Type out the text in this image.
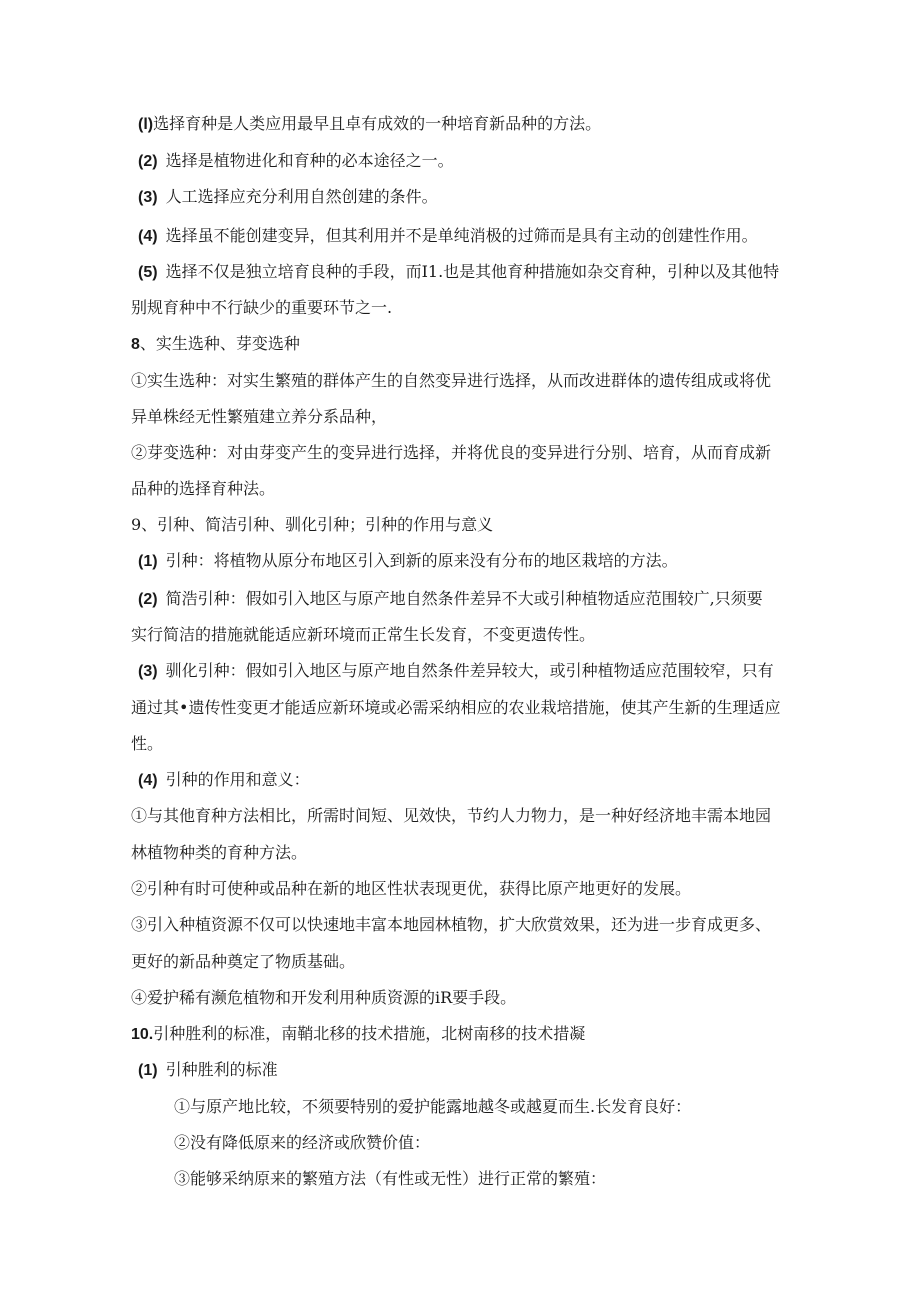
(l)选择育种是人类应用最早且卓有成效的一种培育新品种的方法。
(2) 选择是植物进化和育种的必本途径之一。
(3) 人工选择应充分利用自然创建的条件。
(4) 选择虽不能创建变异，但其利用并不是单纯消极的过筛而是具有主动的创建性作用。
(5) 选择不仅是独立培育良种的手段，而I1.也是其他育种措施如杂交育种，引种以及其他特
别规育种中不行缺少的重要环节之一.
8、实生选种、芽变选种
①实生选种：对实生繁殖的群体产生的自然变异进行选择，从而改进群体的遗传组成或将优
异单株经无性繁殖建立养分系品种，
②芽变选种：对由芽变产生的变异进行选择，并将优良的变异进行分别、培育，从而育成新
品种的选择育种法。
9、引种、简洁引种、驯化引种；引种的作用与意义
(1) 引种：将植物从原分布地区引入到新的原来没有分布的地区栽培的方法。
(2) 简浩引种：假如引入地区与原产地自然条件差异不大或引种植物适应范围较广,只须要
实行简洁的措施就能适应新环境而正常生长发育，不变更遗传性。
(3) 驯化引种：假如引入地区与原产地自然条件差异较大，或引种植物适应范围较窄，只有
通过其•遗传性变更才能适应新环境或必需采纳相应的农业栽培措施，使其产生新的生理适应
性。
(4) 引种的作用和意义：
①与其他育种方法相比，所需时间短、见效快，节约人力物力，是一种好经济地丰需本地园
林植物种类的育种方法。
②引种有时可使种或品种在新的地区性状表现更优，获得比原产地更好的发展。
③引入种植资源不仅可以快速地丰富本地园林植物，扩大欣赏效果，还为进一步育成更多、
更好的新品种奠定了物质基础。
④爱护稀有濒危植物和开发利用种质资源的iR要手段。
10.引种胜利的标准，南鞘北移的技术措施，北树南移的技术措凝
(1) 引种胜利的标准
①与原产地比较，不须要特别的爱护能露地越冬或越夏而生.长发育良好：
②没有降低原来的经济或欣赞价值：
③能够采纳原来的繁殖方法（有性或无性）进行正常的繁殖：
